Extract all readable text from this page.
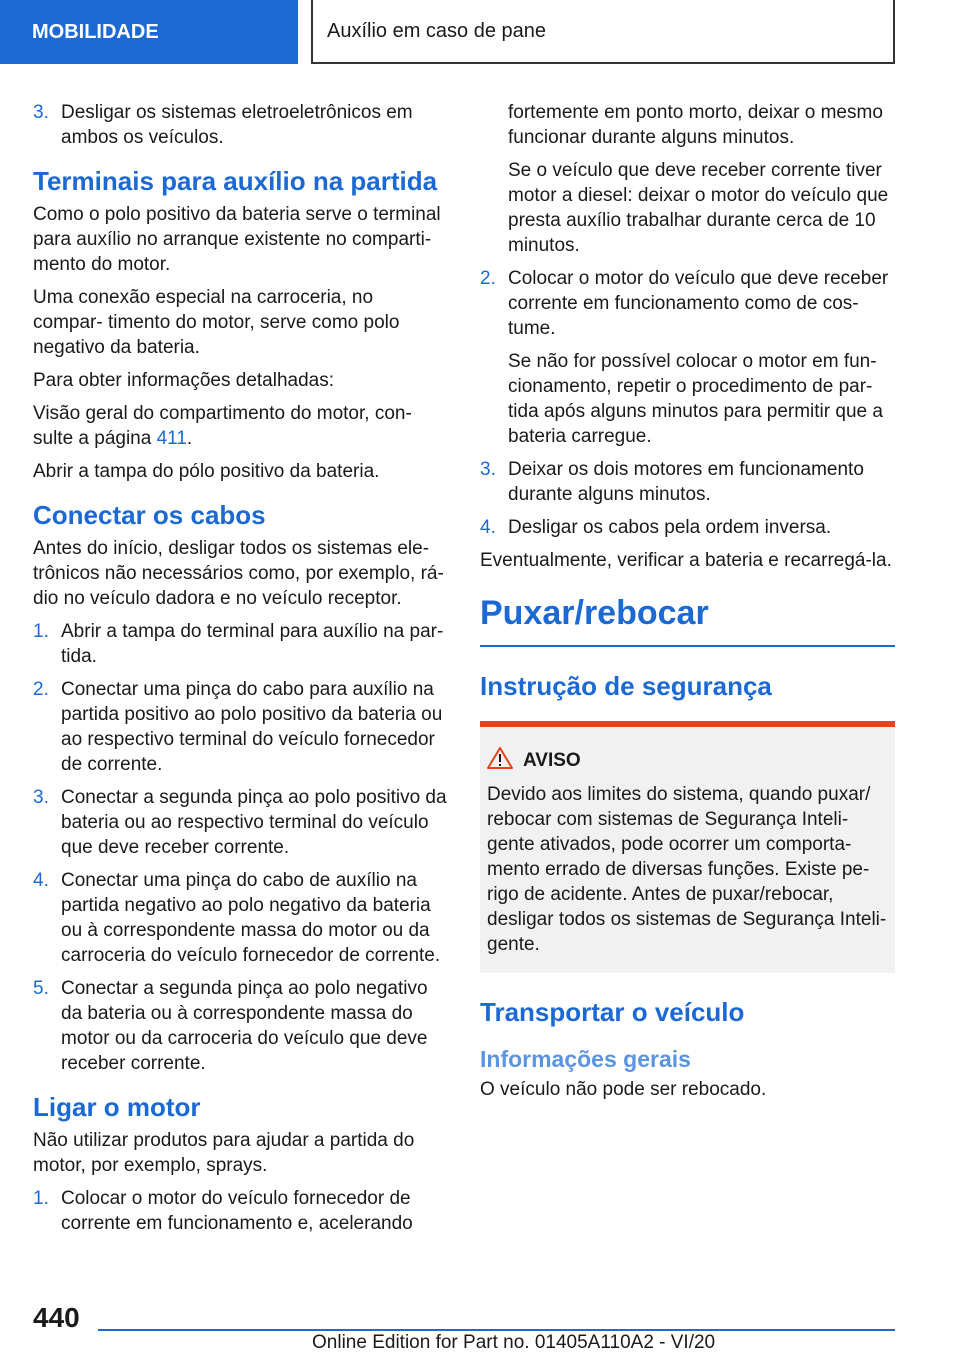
MOBILIDADE	Auxílio em caso de pane
3. Desligar os sistemas eletroeletrônicos em ambos os veículos.
Terminais para auxílio na partida

Como o polo positivo da bateria serve o terminal para auxílio no arranque existente no comparti- mento do motor.

Uma conexão especial na carroceria, no compar- timento do motor, serve como polo negativo da bateria.

Para obter informações detalhadas:

Visão geral do compartimento do motor, con- sulte a página 411.

Abrir a tampa do pólo positivo da bateria.

Conectar os cabos

Antes do início, desligar todos os sistemas ele- trônicos não necessários como, por exemplo, rá- dio no veículo dadora e no veículo receptor.

1. Abrir a tampa do terminal para auxílio na par- tida.
2. Conectar uma pinça do cabo para auxílio na partida positivo ao polo positivo da bateria ou ao respectivo terminal do veículo fornecedor de corrente.
3. Conectar a segunda pinça ao polo positivo da bateria ou ao respectivo terminal do veículo que deve receber corrente.
4. Conectar uma pinça do cabo de auxílio na partida negativo ao polo negativo da bateria ou à correspondente massa do motor ou da carroceria do veículo fornecedor de corrente.
5. Conectar a segunda pinça ao polo negativo da bateria ou à correspondente massa do motor ou da carroceria do veículo que deve receber corrente.
Ligar o motor

Não utilizar produtos para ajudar a partida do motor, por exemplo, sprays.

1. Colocar o motor do veículo fornecedor de corrente em funcionamento e, acelerando

fortemente em ponto morto, deixar o mesmo funcionar durante alguns minutos.

Se o veículo que deve receber corrente tiver motor a diesel: deixar o motor do veículo que presta auxílio trabalhar durante cerca de 10 minutos.

2. Colocar o motor do veículo que deve receber corrente em funcionamento como de cos- tume.

Se não for possível colocar o motor em fun- cionamento, repetir o procedimento de par- tida após alguns minutos para permitir que a bateria carregue.

3. Deixar os dois motores em funcionamento durante alguns minutos.
4. Desligar os cabos pela ordem inversa.

Eventualmente, verificar a bateria e recarregá-la.

Puxar/rebocar
Instrução de segurança
AVISO

Devido aos limites do sistema, quando puxar/ rebocar com sistemas de Segurança Inteli- gente ativados, pode ocorrer um comporta- mento errado de diversas funções. Existe pe- rigo de acidente. Antes de puxar/rebocar, desligar todos os sistemas de Segurança Inteli- gente.

Transportar o veículo
Informações gerais

O veículo não pode ser rebocado.

440
Online Edition for Part no. 01405A110A2 - VI/20
